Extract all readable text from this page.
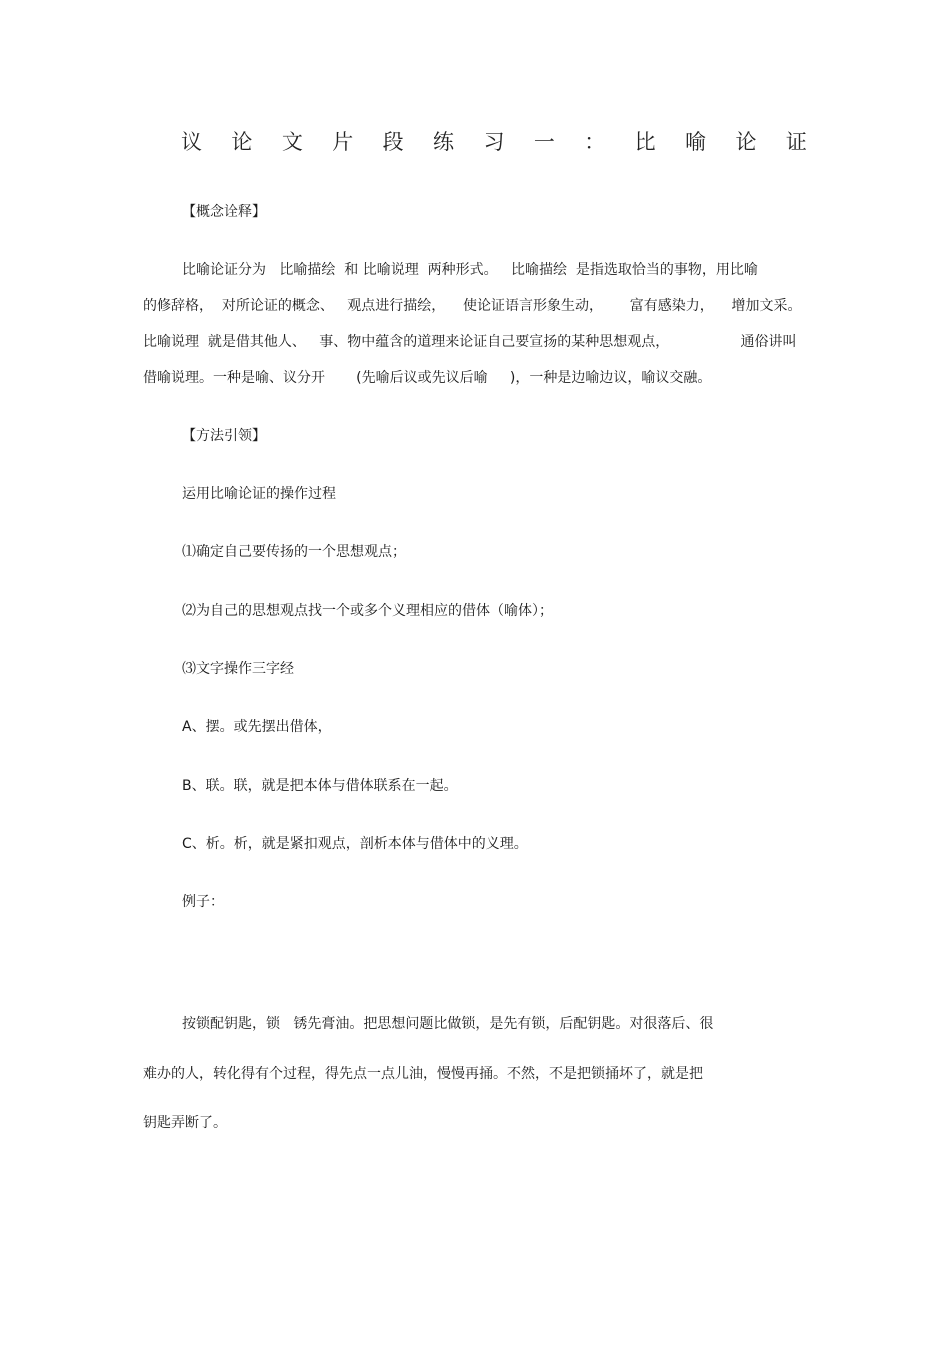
议 论 文 片 段 练 习 一 ： 比 喻 论 证

【概念诠释】

比喻论证分为   比喻描绘  和 比喻说理  两种形式。   比喻描绘  是指选取恰当的事物，用比喻

的修辞格，  对所论证的概念、   观点进行描绘，    使论证语言形象生动，      富有感染力，    增加文采。

比喻说理  就是借其他人、   事、物中蕴含的道理来论证自己要宣扬的某种思想观点，                通俗讲叫

借喻说理。一种是喻、议分开       (先喻后议或先议后喻     )，一种是边喻边议，喻议交融。

【方法引领】

运用比喻论证的操作过程

⑴确定自己要传扬的一个思想观点；

⑵为自己的思想观点找一个或多个义理相应的借体（喻体）；

⑶文字操作三字经

A、摆。或先摆出借体，

B、联。联，就是把本体与借体联系在一起。

C、析。析，就是紧扣观点，剖析本体与借体中的义理。

例子：

按锁配钥匙，锁   锈先膏油。把思想问题比做锁，是先有锁，后配钥匙。对很落后、很

难办的人，转化得有个过程，得先点一点儿油，慢慢再捅。不然，不是把锁捅坏了，就是把

钥匙弄断了。
